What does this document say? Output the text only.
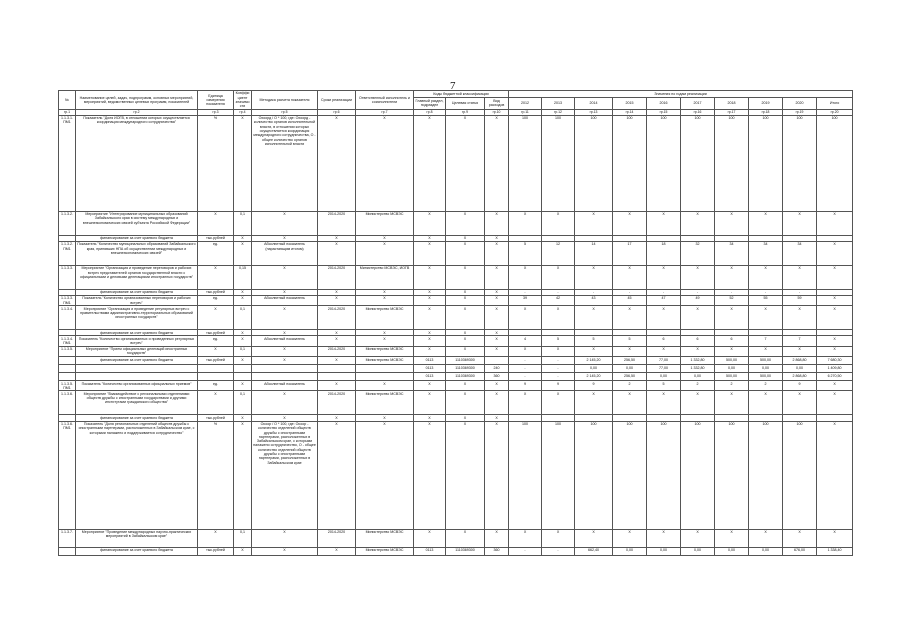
7
№	Наименование целей, задач, подпрограмм, основных мероприятий, мероприятий, ведомственных целевых программ, показателей	Единица измерения показателя	Коэффициент значимости	Методика расчета показателя	Сроки реализации	Ответственный исполнитель и соисполнители	Коды бюджетной классификации			Значения по годам реализации									
							Главный раздел, подраздел	Целевая статья	Вид расходов	2012	2013	2014	2015	2016	2017	2018	2019	2020	Итого
гр.1	гр.2	гр.3	гр.4	гр.5	гр.6	гр.7	гр.8	гр.9	гр.10	гр.11	гр.12	гр.13	гр.14	гр.15	гр.16	гр.17	гр.18	гр.19	гр.20
1.1.3.1. ПМ1	Показатель "Доля ИОГВ, в отношении которых осуществляется координация международного сотрудничества"	%	X	Охоорд / О * 100, где: Охоорд - количество органов исполнительной власти, в отношении которых осуществляется координация международного сотрудничества, О - общее количество органов исполнительной власти	X	X	X	X	X	100	100	100	100	100	100	100	100	100	100
1.1.3.2.	Мероприятие "Интегрирование муниципальных образований Забайкальского края в систему международных и внешнеэкономических связей субъекта Российской Федерации"	X	0,1	X	2014-2020	Министерство МСВЭС	X	X	X	X	X	X	X	X	X	X	X	X	X
	финансирование за счет краевого бюджета	тыс.рублей	X	X	X	X	X	X	X										
1.1.3.2. ПМ1	Показатель "Количество муниципальных образований Забайкальского края, принявших НПА об осуществлении международных и внешнеэкономических связей"	ед.	X	Абсолютный показатель (нарастающим итогом)	X	X	X	X	X	5	12	14	17	18	32	34	34	34	X
1.1.3.3.	Мероприятие "Организация и проведение переговоров и рабочих встреч представителей органов государственной власти с официальными и деловыми делегациями иностранных государств"	X	0,15	X	2014-2020	Министерство МСВЭС, ИОГВ	X	X	X	X	X	X	X	X	X	X	X	X	X
	финансирование за счет краевого бюджета	тыс.рублей	X	X	X	X	X	X	X	-	-	-	-	-	-	-	-	-	
1.1.3.3. ПМ1	Показатель "Количество организованных переговоров и рабочих встреч"	ед.	X	Абсолютный показатель	X	X	X	X	X	39	42	43	45	47	49	52	55	59	X
1.1.3.4.	Мероприятие "Организация и проведение регулярных встреч с правительствами административно-территориальных образований иностранных государств"	X	0,1	X	2014-2020	Министерство МСВЭС	X	X	X	X	X	X	X	X	X	X	X	X	X
	финансирование за счет краевого бюджета	тыс.рублей	X	X	X	X	X	X	X										
1.1.3.4. ПМ1	Показатель "Количество организованных и проведенных регулярных встреч"	ед.	X	Абсолютный показатель	X	X	X	X	X	4	5	5	5	6	6	6	7	7	X
1.1.3.5.	Мероприятие "Прием официальных делегаций иностранных государств"	X	0,1	X	2014-2020	Министерство МСВЭС	X	X	X	X	X	X	X	X	X	X	X	X	X
	финансирование за счет краевого бюджета	тыс.рублей	X	X	X	Министерство МСВЭС	0113	1110369300		-	-	2 145,20	256,50	77,00	1 332,80	500,00	500,00	2 868,80	7 680,30
							0113	1110369300	240	-	-	0,00	0,00	77,00	1 332,80	0,00	0,00	0,00	1 409,80
							0113	1110369300	360	-	-	2 145,20	256,50	0,00	0,00	500,00	500,00	2 868,80	6 270,50
1.1.3.5. ПМ1	Показатель "Количество организованных официальных приемов"	ед.	X	Абсолютный показатель	X	X	X	X	X	9	9	9	2	5	2	2	2	9	X
1.1.3.6.	Мероприятие "Взаимодействие с региональными отделениями обществ дружбы с иностранными государствами и другими институтами гражданского общества"	X	0,1	X	2014-2020	Министерство МСВЭС	X	X	X	X	X	X	X	X	X	X	X	X	X
	финансирование за счет краевого бюджета	тыс.рублей	X	X	X	X	X	X	X										
1.1.3.6. ПМ1	Показатель "Доля региональных отделений обществ дружбы с иностранными партнерами, расположенных в Забайкальском крае, с которыми налажено и поддерживается сотрудничество"	%	X	Осоор / О * 100, где: Осоор - количество отделений обществ дружбы с иностранными партнерами, расположенных в Забайкальском крае, с которыми налажено сотрудничество, О - общее количество отделений обществ дружбы с иностранными партнерами, расположенных в Забайкальском крае	X	X	X	X	X	100	100	100	100	100	100	100	100	100	X
1.1.3.7.	Мероприятие "Проведение международных научно-практических мероприятий в Забайкальском крае"	X	0,1	X	2014-2020	Министерство МСВЭС	X	X	X	X	X	X	X	X	X	X	X	X	X
	финансирование за счет краевого бюджета	тыс.рублей	X	X	X	Министерство МСВЭС	0113	1110369300	360	-	-	662,40	0,00	0,00	0,00	0,00	0,00	676,00	1 338,40
